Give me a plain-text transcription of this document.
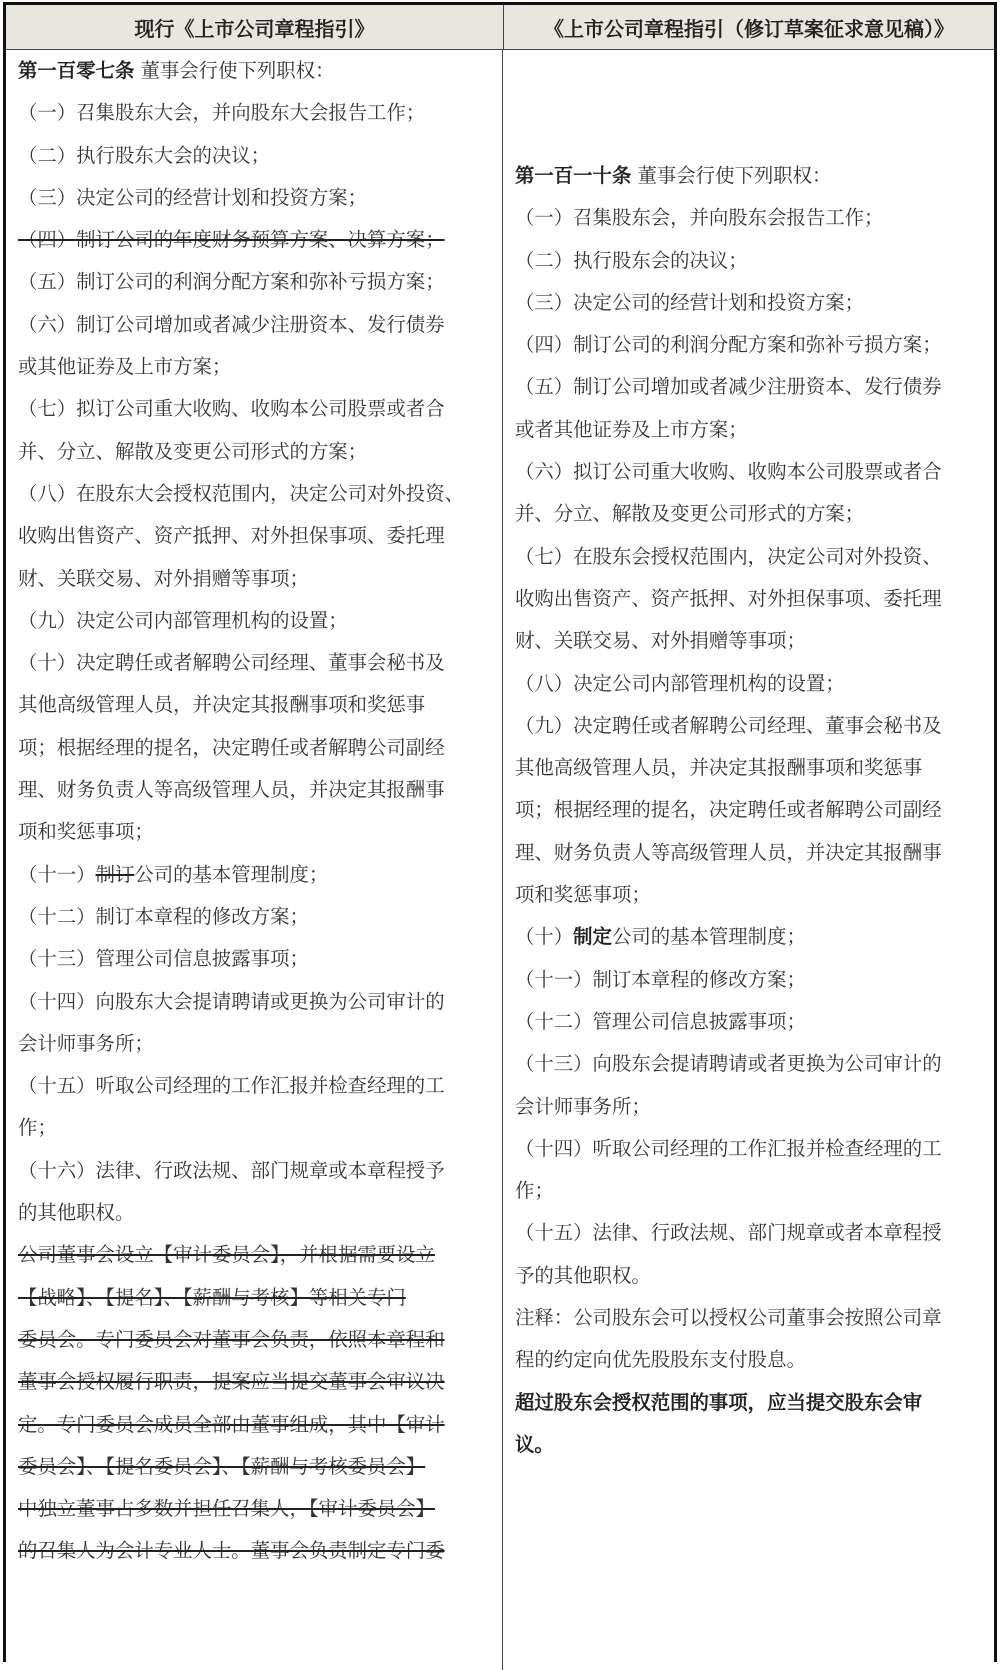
现行《上市公司章程指引》	《上市公司章程指引（修订草案征求意见稿）》
第一百零七条 董事会行使下列职权：
（一）召集股东大会，并向股东大会报告工作；
（二）执行股东大会的决议；
（三）决定公司的经营计划和投资方案；
（四）制订公司的年度财务预算方案、决算方案；
（五）制订公司的利润分配方案和弥补亏损方案；
（六）制订公司增加或者减少注册资本、发行债券
或其他证券及上市方案；
（七）拟订公司重大收购、收购本公司股票或者合
并、分立、解散及变更公司形式的方案；
（八）在股东大会授权范围内，决定公司对外投资、
收购出售资产、资产抵押、对外担保事项、委托理
财、关联交易、对外捐赠等事项；
（九）决定公司内部管理机构的设置；
（十）决定聘任或者解聘公司经理、董事会秘书及
其他高级管理人员，并决定其报酬事项和奖惩事
项；根据经理的提名，决定聘任或者解聘公司副经
理、财务负责人等高级管理人员，并决定其报酬事
项和奖惩事项；
（十一）制订公司的基本管理制度；
（十二）制订本章程的修改方案；
（十三）管理公司信息披露事项；
（十四）向股东大会提请聘请或更换为公司审计的
会计师事务所；
（十五）听取公司经理的工作汇报并检查经理的工
作；
（十六）法律、行政法规、部门规章或本章程授予
的其他职权。
公司董事会设立【审计委员会】，并根据需要设立
【战略】、【提名】、【薪酬与考核】等相关专门
委员会。专门委员会对董事会负责，依照本章程和
董事会授权履行职责，提案应当提交董事会审议决
定。专门委员会成员全部由董事组成，其中【审计
委员会】、【提名委员会】、【薪酬与考核委员会】
中独立董事占多数并担任召集人，【审计委员会】
的召集人为会计专业人士。董事会负责制定专门委
第一百一十条 董事会行使下列职权：
（一）召集股东会，并向股东会报告工作；
（二）执行股东会的决议；
（三）决定公司的经营计划和投资方案；
（四）制订公司的利润分配方案和弥补亏损方案；
（五）制订公司增加或者减少注册资本、发行债券
或者其他证券及上市方案；
（六）拟订公司重大收购、收购本公司股票或者合
并、分立、解散及变更公司形式的方案；
（七）在股东会授权范围内，决定公司对外投资、
收购出售资产、资产抵押、对外担保事项、委托理
财、关联交易、对外捐赠等事项；
（八）决定公司内部管理机构的设置；
（九）决定聘任或者解聘公司经理、董事会秘书及
其他高级管理人员，并决定其报酬事项和奖惩事
项；根据经理的提名，决定聘任或者解聘公司副经
理、财务负责人等高级管理人员，并决定其报酬事
项和奖惩事项；
（十）制定公司的基本管理制度；
（十一）制订本章程的修改方案；
（十二）管理公司信息披露事项；
（十三）向股东会提请聘请或者更换为公司审计的
会计师事务所；
（十四）听取公司经理的工作汇报并检查经理的工
作；
（十五）法律、行政法规、部门规章或者本章程授
予的其他职权。
注释：公司股东会可以授权公司董事会按照公司章
程的约定向优先股股东支付股息。
超过股东会授权范围的事项，应当提交股东会审
议。
